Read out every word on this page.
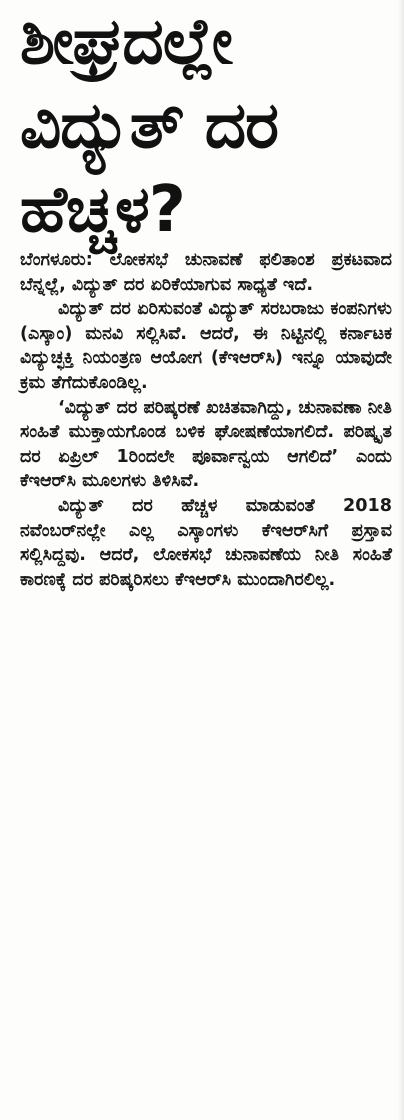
ಶೀಘ್ರದಲ್ಲೇ
ವಿದ್ಯುತ್ ದರ
ಹೆಚ್ಚಳ?

ಬೆಂಗಳೂರು: ಲೋಕಸಭೆ ಚುನಾವಣೆ ಫಲಿತಾಂಶ ಪ್ರಕಟವಾದ ಬೆನ್ನಲ್ಲೆ, ವಿದ್ಯುತ್ ದರ ಏರಿಕೆಯಾಗುವ ಸಾಧ್ಯತೆ ಇದೆ.

ವಿದ್ಯುತ್ ದರ ಏರಿಸುವಂತೆ ವಿದ್ಯುತ್ ಸರಬರಾಜು ಕಂಪನಿಗಳು (ಎಸ್ಕಾಂ) ಮನವಿ ಸಲ್ಲಿಸಿವೆ. ಆದರೆ, ಈ ನಿಟ್ಟಿನಲ್ಲಿ ಕರ್ನಾಟಕ ವಿದ್ಯುಚ್ಛಕ್ತಿ ನಿಯಂತ್ರಣ ಆಯೋಗ (ಕೆಇಆರ್‌ಸಿ) ಇನ್ನೂ ಯಾವುದೇ ಕ್ರಮ ತೆಗೆದುಕೊಂಡಿಲ್ಲ.

‘ವಿದ್ಯುತ್ ದರ ಪರಿಷ್ಕರಣೆ ಖಚಿತವಾಗಿದ್ದು, ಚುನಾವಣಾ ನೀತಿ ಸಂಹಿತೆ ಮುಕ್ತಾಯಗೊಂಡ ಬಳಿಕ ಘೋಷಣೆಯಾಗಲಿದೆ. ಪರಿಷ್ಕೃತ ದರ ಏಪ್ರಿಲ್ 1ರಿಂದಲೇ ಪೂರ್ವಾನ್ವಯ ಆಗಲಿದೆ’ ಎಂದು ಕೆಇಆರ್‌ಸಿ ಮೂಲಗಳು ತಿಳಿಸಿವೆ.

ವಿದ್ಯುತ್ ದರ ಹೆಚ್ಚಳ ಮಾಡುವಂತೆ 2018 ನವೆಂಬರ್‌ನಲ್ಲೇ ಎಲ್ಲ ಎಸ್ಕಾಂಗಳು ಕೆಇಆರ್‌ಸಿಗೆ ಪ್ರಸ್ತಾವ ಸಲ್ಲಿಸಿದ್ದವು. ಆದರೆ, ಲೋಕಸಭೆ ಚುನಾವಣೆಯ ನೀತಿ ಸಂಹಿತೆ ಕಾರಣಕ್ಕೆ ದರ ಪರಿಷ್ಕರಿಸಲು ಕೆಇಆರ್‌ಸಿ ಮುಂದಾಗಿರಲಿಲ್ಲ.
